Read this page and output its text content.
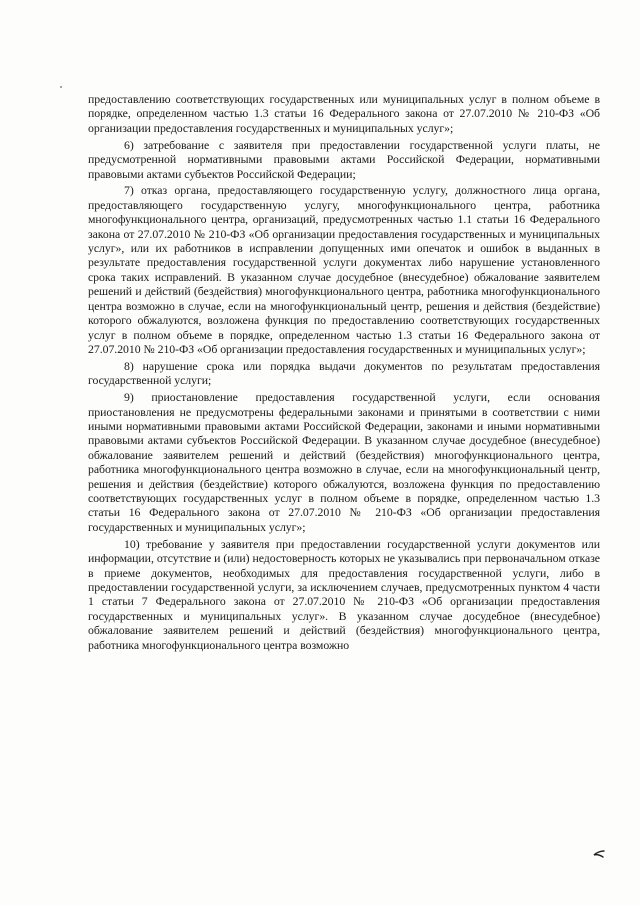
предоставлению соответствующих государственных или муниципальных услуг в полном объеме в порядке, определенном частью 1.3 статьи 16 Федерального закона от 27.07.2010 № 210-ФЗ «Об организации предоставления государственных и муниципальных услуг»;

6) затребование с заявителя при предоставлении государственной услуги платы, не предусмотренной нормативными правовыми актами Российской Федерации, нормативными правовыми актами субъектов Российской Федерации;

7) отказ органа, предоставляющего государственную услугу, должностного лица органа, предоставляющего государственную услугу, многофункционального центра, работника многофункционального центра, организаций, предусмотренных частью 1.1 статьи 16 Федерального закона от 27.07.2010 № 210-ФЗ «Об организации предоставления государственных и муниципальных услуг», или их работников в исправлении допущенных ими опечаток и ошибок в выданных в результате предоставления государственной услуги документах либо нарушение установленного срока таких исправлений. В указанном случае досудебное (внесудебное) обжалование заявителем решений и действий (бездействия) многофункционального центра, работника многофункционального центра возможно в случае, если на многофункциональный центр, решения и действия (бездействие) которого обжалуются, возложена функция по предоставлению соответствующих государственных услуг в полном объеме в порядке, определенном частью 1.3 статьи 16 Федерального закона от 27.07.2010 № 210-ФЗ «Об организации предоставления государственных и муниципальных услуг»;

8) нарушение срока или порядка выдачи документов по результатам предоставления государственной услуги;

9) приостановление предоставления государственной услуги, если основания приостановления не предусмотрены федеральными законами и принятыми в соответствии с ними иными нормативными правовыми актами Российской Федерации, законами и иными нормативными правовыми актами субъектов Российской Федерации. В указанном случае досудебное (внесудебное) обжалование заявителем решений и действий (бездействия) многофункционального центра, работника многофункционального центра возможно в случае, если на многофункциональный центр, решения и действия (бездействие) которого обжалуются, возложена функция по предоставлению соответствующих государственных услуг в полном объеме в порядке, определенном частью 1.3 статьи 16 Федерального закона от 27.07.2010 № 210-ФЗ «Об организации предоставления государственных и муниципальных услуг»;

10) требование у заявителя при предоставлении государственной услуги документов или информации, отсутствие и (или) недостоверность которых не указывались при первоначальном отказе в приеме документов, необходимых для предоставления государственной услуги, либо в предоставлении государственной услуги, за исключением случаев, предусмотренных пунктом 4 части 1 статьи 7 Федерального закона от 27.07.2010 № 210-ФЗ «Об организации предоставления государственных и муниципальных услуг». В указанном случае досудебное (внесудебное) обжалование заявителем решений и действий (бездействия) многофункционального центра, работника многофункционального центра возможно
